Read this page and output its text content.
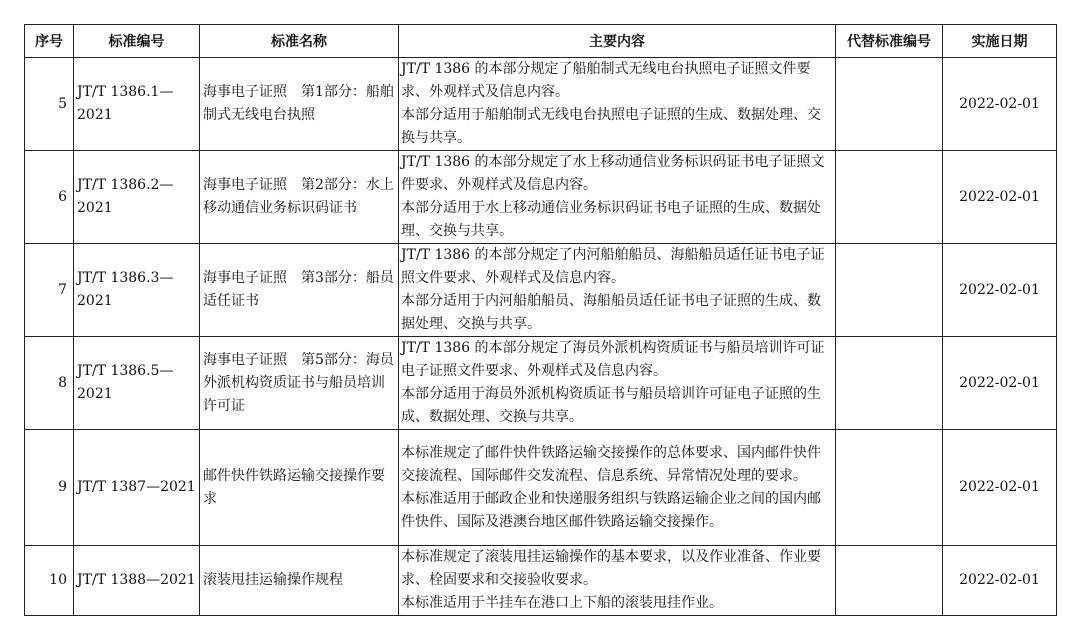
序号	标准编号	标准名称	主要内容	代替标准编号	实施日期
5	JT/T 1386.1—2021	海事电子证照　第1部分：船舶制式无线电台执照	JT/T 1386 的本部分规定了船舶制式无线电台执照电子证照文件要求、外观样式及信息内容。
本部分适用于船舶制式无线电台执照电子证照的生成、数据处理、交换与共享。		2022-02-01
6	JT/T 1386.2—2021	海事电子证照　第2部分：水上移动通信业务标识码证书	JT/T 1386 的本部分规定了水上移动通信业务标识码证书电子证照文件要求、外观样式及信息内容。
本部分适用于水上移动通信业务标识码证书电子证照的生成、数据处理、交换与共享。		2022-02-01
7	JT/T 1386.3—2021	海事电子证照　第3部分：船员适任证书	JT/T 1386 的本部分规定了内河船舶船员、海船船员适任证书电子证照文件要求、外观样式及信息内容。
本部分适用于内河船舶船员、海船船员适任证书电子证照的生成、数据处理、交换与共享。		2022-02-01
8	JT/T 1386.5—2021	海事电子证照　第5部分：海员外派机构资质证书与船员培训许可证	JT/T 1386 的本部分规定了海员外派机构资质证书与船员培训许可证电子证照文件要求、外观样式及信息内容。
本部分适用于海员外派机构资质证书与船员培训许可证电子证照的生成、数据处理、交换与共享。		2022-02-01
9	JT/T 1387—2021	邮件快件铁路运输交接操作要求	本标准规定了邮件快件铁路运输交接操作的总体要求、国内邮件快件交接流程、国际邮件交发流程、信息系统、异常情况处理的要求。
本标准适用于邮政企业和快递服务组织与铁路运输企业之间的国内邮件快件、国际及港澳台地区邮件铁路运输交接操作。		2022-02-01
10	JT/T 1388—2021	滚装甩挂运输操作规程	本标准规定了滚装甩挂运输操作的基本要求，以及作业准备、作业要求、栓固要求和交接验收要求。
本标准适用于半挂车在港口上下船的滚装甩挂作业。		2022-02-01
